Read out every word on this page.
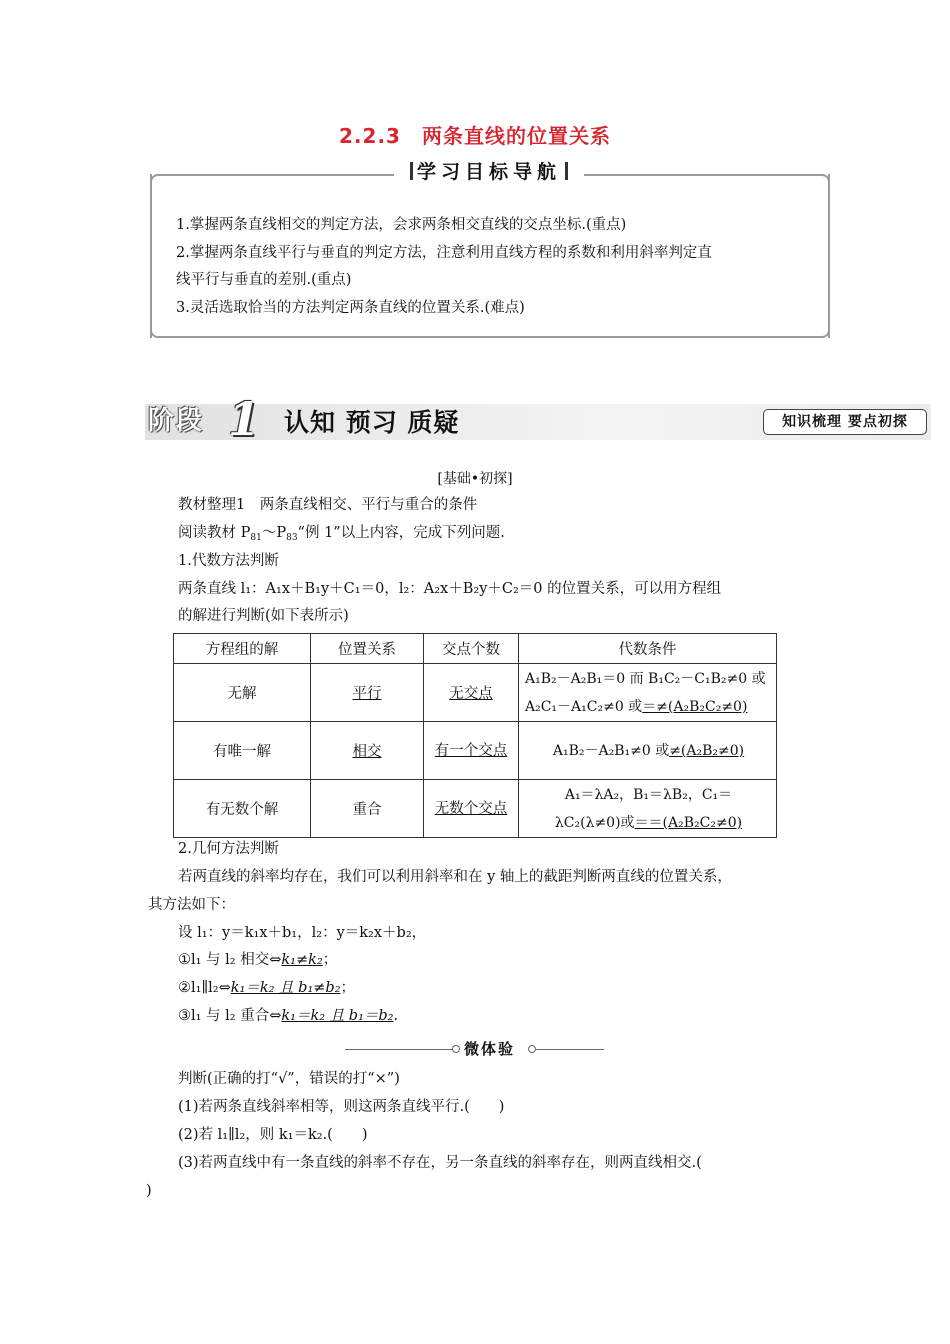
2.2.3　两条直线的位置关系
学习目标导航

1.掌握两条直线相交的判定方法，会求两条相交直线的交点坐标.(重点)

2.掌握两条直线平行与垂直的判定方法，注意利用直线方程的系数和利用斜率判定直

线平行与垂直的差别.(重点)

3.灵活选取恰当的方法判定两条直线的位置关系.(难点)

阶段 1 认知 预习 质疑	知识梳理 要点初探
[基础•初探]
教材整理1　两条直线相交、平行与重合的条件
阅读教材 $P_{81}\sim P_{83}“$例 1”以上内容，完成下列问题.
1.代数方法判断
两条直线 l₁：A₁x＋B₁y＋C₁＝0，l₂：A₂x＋B₂y＋C₂＝0 的位置关系，可以用方程组
的解进行判断(如下表所示)
方程组的解	位置关系	交点个数	代数条件
无解	平行	无交点	A₁B₂－A₂B₁＝0 而 B₁C₂－C₁B₂≠0 或
A₂C₁－A₁C₂≠0 或＝≠(A₂B₂C₂≠0)

有唯一解	相交	有一个交点	A₁B₂－A₂B₁≠0 或≠(A₂B₂≠0)
有无数个解	重合	无数个交点	A₁＝λA₂，B₁＝λB₂，C₁＝
λC₂(λ≠0)或＝＝(A₂B₂C₂≠0)
2.几何方法判断
若两直线的斜率均存在，我们可以利用斜率和在 y 轴上的截距判断两直线的位置关系，
其方法如下：
设 l₁：y＝k₁x＋b₁，l₂：y＝k₂x＋b₂，
①l₁ 与 l₂ 相交⇔k₁≠k₂；
②l₁∥l₂⇔k₁＝k₂ 且 b₁≠b₂；
③l₁ 与 l₂ 重合⇔k₁＝k₂ 且 b₁＝b₂.
微体验
判断(正确的打“√”，错误的打“×”)
(1)若两条直线斜率相等，则这两条直线平行.(　　)
(2)若 l₁∥l₂，则 k₁＝k₂.(　　)
(3)若两直线中有一条直线的斜率不存在，另一条直线的斜率存在，则两直线相交.(
)
